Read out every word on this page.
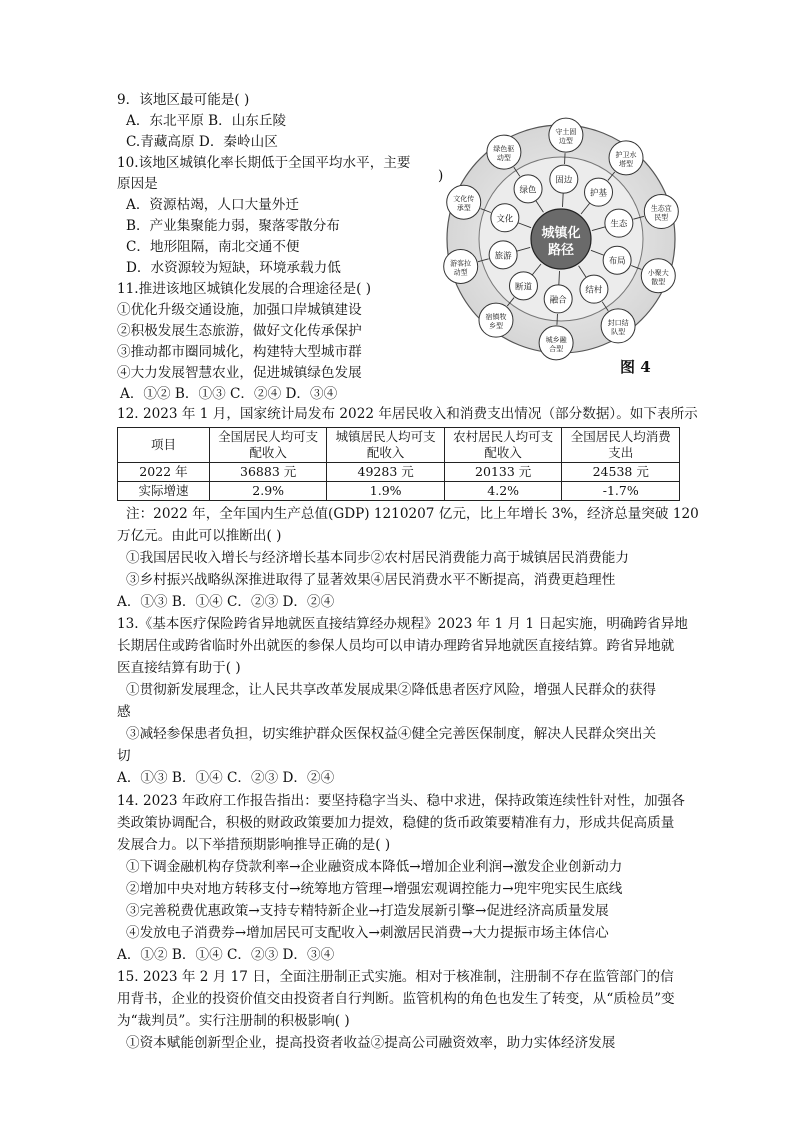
9．该地区最可能是( )
A．东北平原 B．山东丘陵
C.青藏高原 D．秦岭山区
10.该地区城镇化率长期低于全国平均水平，主要
原因是	)
A．资源枯竭，人口大量外迁
B．产业集聚能力弱，聚落零散分布
C．地形阻隔，南北交通不便
D．水资源较为短缺，环境承载力低
11.推进该地区城镇化发展的合理途径是( )
①优化升级交通设施，加强口岸城镇建设
②积极发展生态旅游，做好文化传承保护
③推动都市圈同城化，构建特大型城市群
④大力发展智慧农业，促进城镇绿色发展
A．①② B．①③ C．②④ D．③④
固边
护基
生态
布局
结村
融合
断道
旅游
文化
绿色
守土固
边型
护卫水
塔型
生态宜
民型
小聚大
散型
封口结
队型
城乡融
合型
宿镇牧
乡型
游客拉
动型
文化传
承型
绿色驱
动型
城镇化
路径
图 4
12. 2023 年 1 月，国家统计局发布 2022 年居民收入和消费支出情况（部分数据）。如下表所示
项目	全国居民人均可支配收入	城镇居民人均可支配收入	农村居民人均可支配收入	全国居民人均消费支出
2022 年	36883 元	49283 元	20133 元	24538 元
实际增速	2.9%	1.9%	4.2%	-1.7%
注：2022 年，全年国内生产总值(GDP) 1210207 亿元，比上年增长 3%，经济总量突破 120
万亿元。由此可以推断出( )
①我国居民收入增长与经济增长基本同步②农村居民消费能力高于城镇居民消费能力
③乡村振兴战略纵深推进取得了显著效果④居民消费水平不断提高，消费更趋理性
A．①③ B．①④ C．②③ D．②④
13.《基本医疗保险跨省异地就医直接结算经办规程》2023 年 1 月 1 日起实施，明确跨省异地
长期居住或跨省临时外出就医的参保人员均可以申请办理跨省异地就医直接结算。跨省异地就
医直接结算有助于( )
①贯彻新发展理念，让人民共享改革发展成果②降低患者医疗风险，增强人民群众的获得
感
③减轻参保患者负担，切实维护群众医保权益④健全完善医保制度，解决人民群众突出关
切
A．①③ B．①④ C．②③ D．②④
14. 2023 年政府工作报告指出：要坚持稳字当头、稳中求进，保持政策连续性针对性，加强各
类政策协调配合，积极的财政政策要加力提效，稳健的货币政策要精准有力，形成共促高质量
发展合力。以下举措预期影响推导正确的是( )
①下调金融机构存贷款利率→企业融资成本降低→增加企业利润→激发企业创新动力
②增加中央对地方转移支付→统筹地方管理→增强宏观调控能力→兜牢兜实民生底线
③完善税费优惠政策→支持专精特新企业→打造发展新引擎→促进经济高质量发展
④发放电子消费券→增加居民可支配收入→刺激居民消费→大力提振市场主体信心
A．①② B．①④ C．②③ D．③④
15. 2023 年 2 月 17 日，全面注册制正式实施。相对于核准制，注册制不存在监管部门的信
用背书，企业的投资价值交由投资者自行判断。监管机构的角色也发生了转变，从“质检员”变
为“裁判员”。实行注册制的积极影响( )
①资本赋能创新型企业，提高投资者收益②提高公司融资效率，助力实体经济发展
